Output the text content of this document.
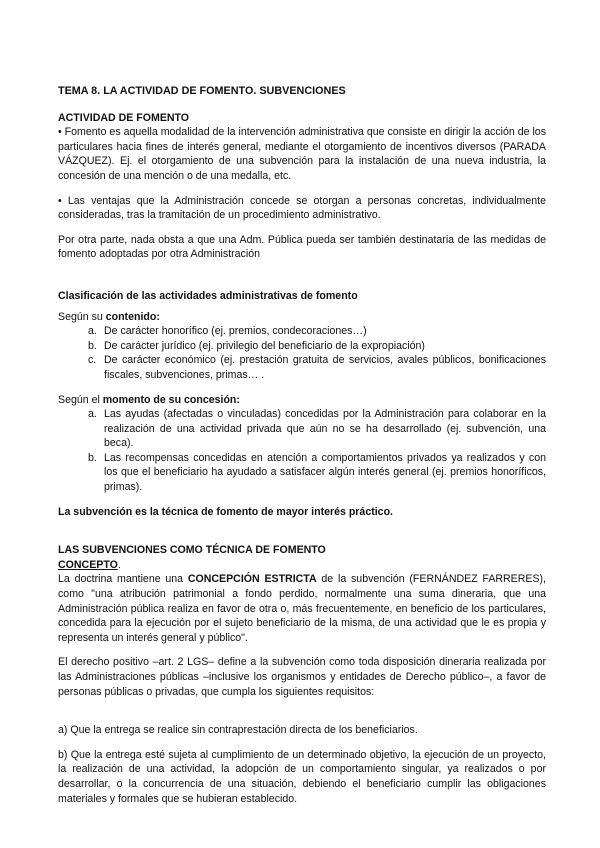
TEMA 8. LA ACTIVIDAD DE FOMENTO. SUBVENCIONES
ACTIVIDAD DE FOMENTO

• Fomento es aquella modalidad de la intervención administrativa que consiste en dirigir la acción de los particulares hacia fines de interés general, mediante el otorgamiento de incentivos diversos (PARADA VÁZQUEZ). Ej. el otorgamiento de una subvención para la instalación de una nueva industria, la concesión de una mención o de una medalla, etc.

• Las ventajas que la Administración concede se otorgan a personas concretas, individualmente consideradas, tras la tramitación de un procedimiento administrativo.

Por otra parte, nada obsta a que una Adm. Pública pueda ser también destinataria de las medidas de fomento adoptadas por otra Administración

Clasificación de las actividades administrativas de fomento

Según su contenido:

a. De carácter honorífico (ej. premios, condecoraciones…)
b. De carácter jurídico (ej. privilegio del beneficiario de la expropiación)
c. De carácter económico (ej. prestación gratuita de servicios, avales públicos, bonificaciones fiscales, subvenciones, primas… .

Según el momento de su concesión:

a. Las ayudas (afectadas o vinculadas) concedidas por la Administración para colaborar en la realización de una actividad privada que aún no se ha desarrollado (ej. subvención, una beca).
b. Las recompensas concedidas en atención a comportamientos privados ya realizados y con los que el beneficiario ha ayudado a satisfacer algún interés general (ej. premios honoríficos, primas).

La subvención es la técnica de fomento de mayor interés práctico.

LAS SUBVENCIONES COMO TÉCNICA DE FOMENTO
CONCEPTO.

La doctrina mantiene una CONCEPCIÓN ESTRICTA de la subvención (FERNÁNDEZ FARRERES), como "una atribución patrimonial a fondo perdido, normalmente una suma dineraria, que una Administración pública realiza en favor de otra o, más frecuentemente, en beneficio de los particulares, concedida para la ejecución por el sujeto beneficiario de la misma, de una actividad que le es propia y representa un interés general y público".

El derecho positivo –art. 2 LGS– define a la subvención como toda disposición dineraria realizada por las Administraciones públicas –inclusive los organismos y entidades de Derecho público–, a favor de personas públicas o privadas, que cumpla los siguientes requisitos:

a) Que la entrega se realice sin contraprestación directa de los beneficiarios.

b) Que la entrega esté sujeta al cumplimiento de un determinado objetivo, la ejecución de un proyecto, la realización de una actividad, la adopción de un comportamiento singular, ya realizados o por desarrollar, o la concurrencia de una situación, debiendo el beneficiario cumplir las obligaciones materiales y formales que se hubieran establecido.
